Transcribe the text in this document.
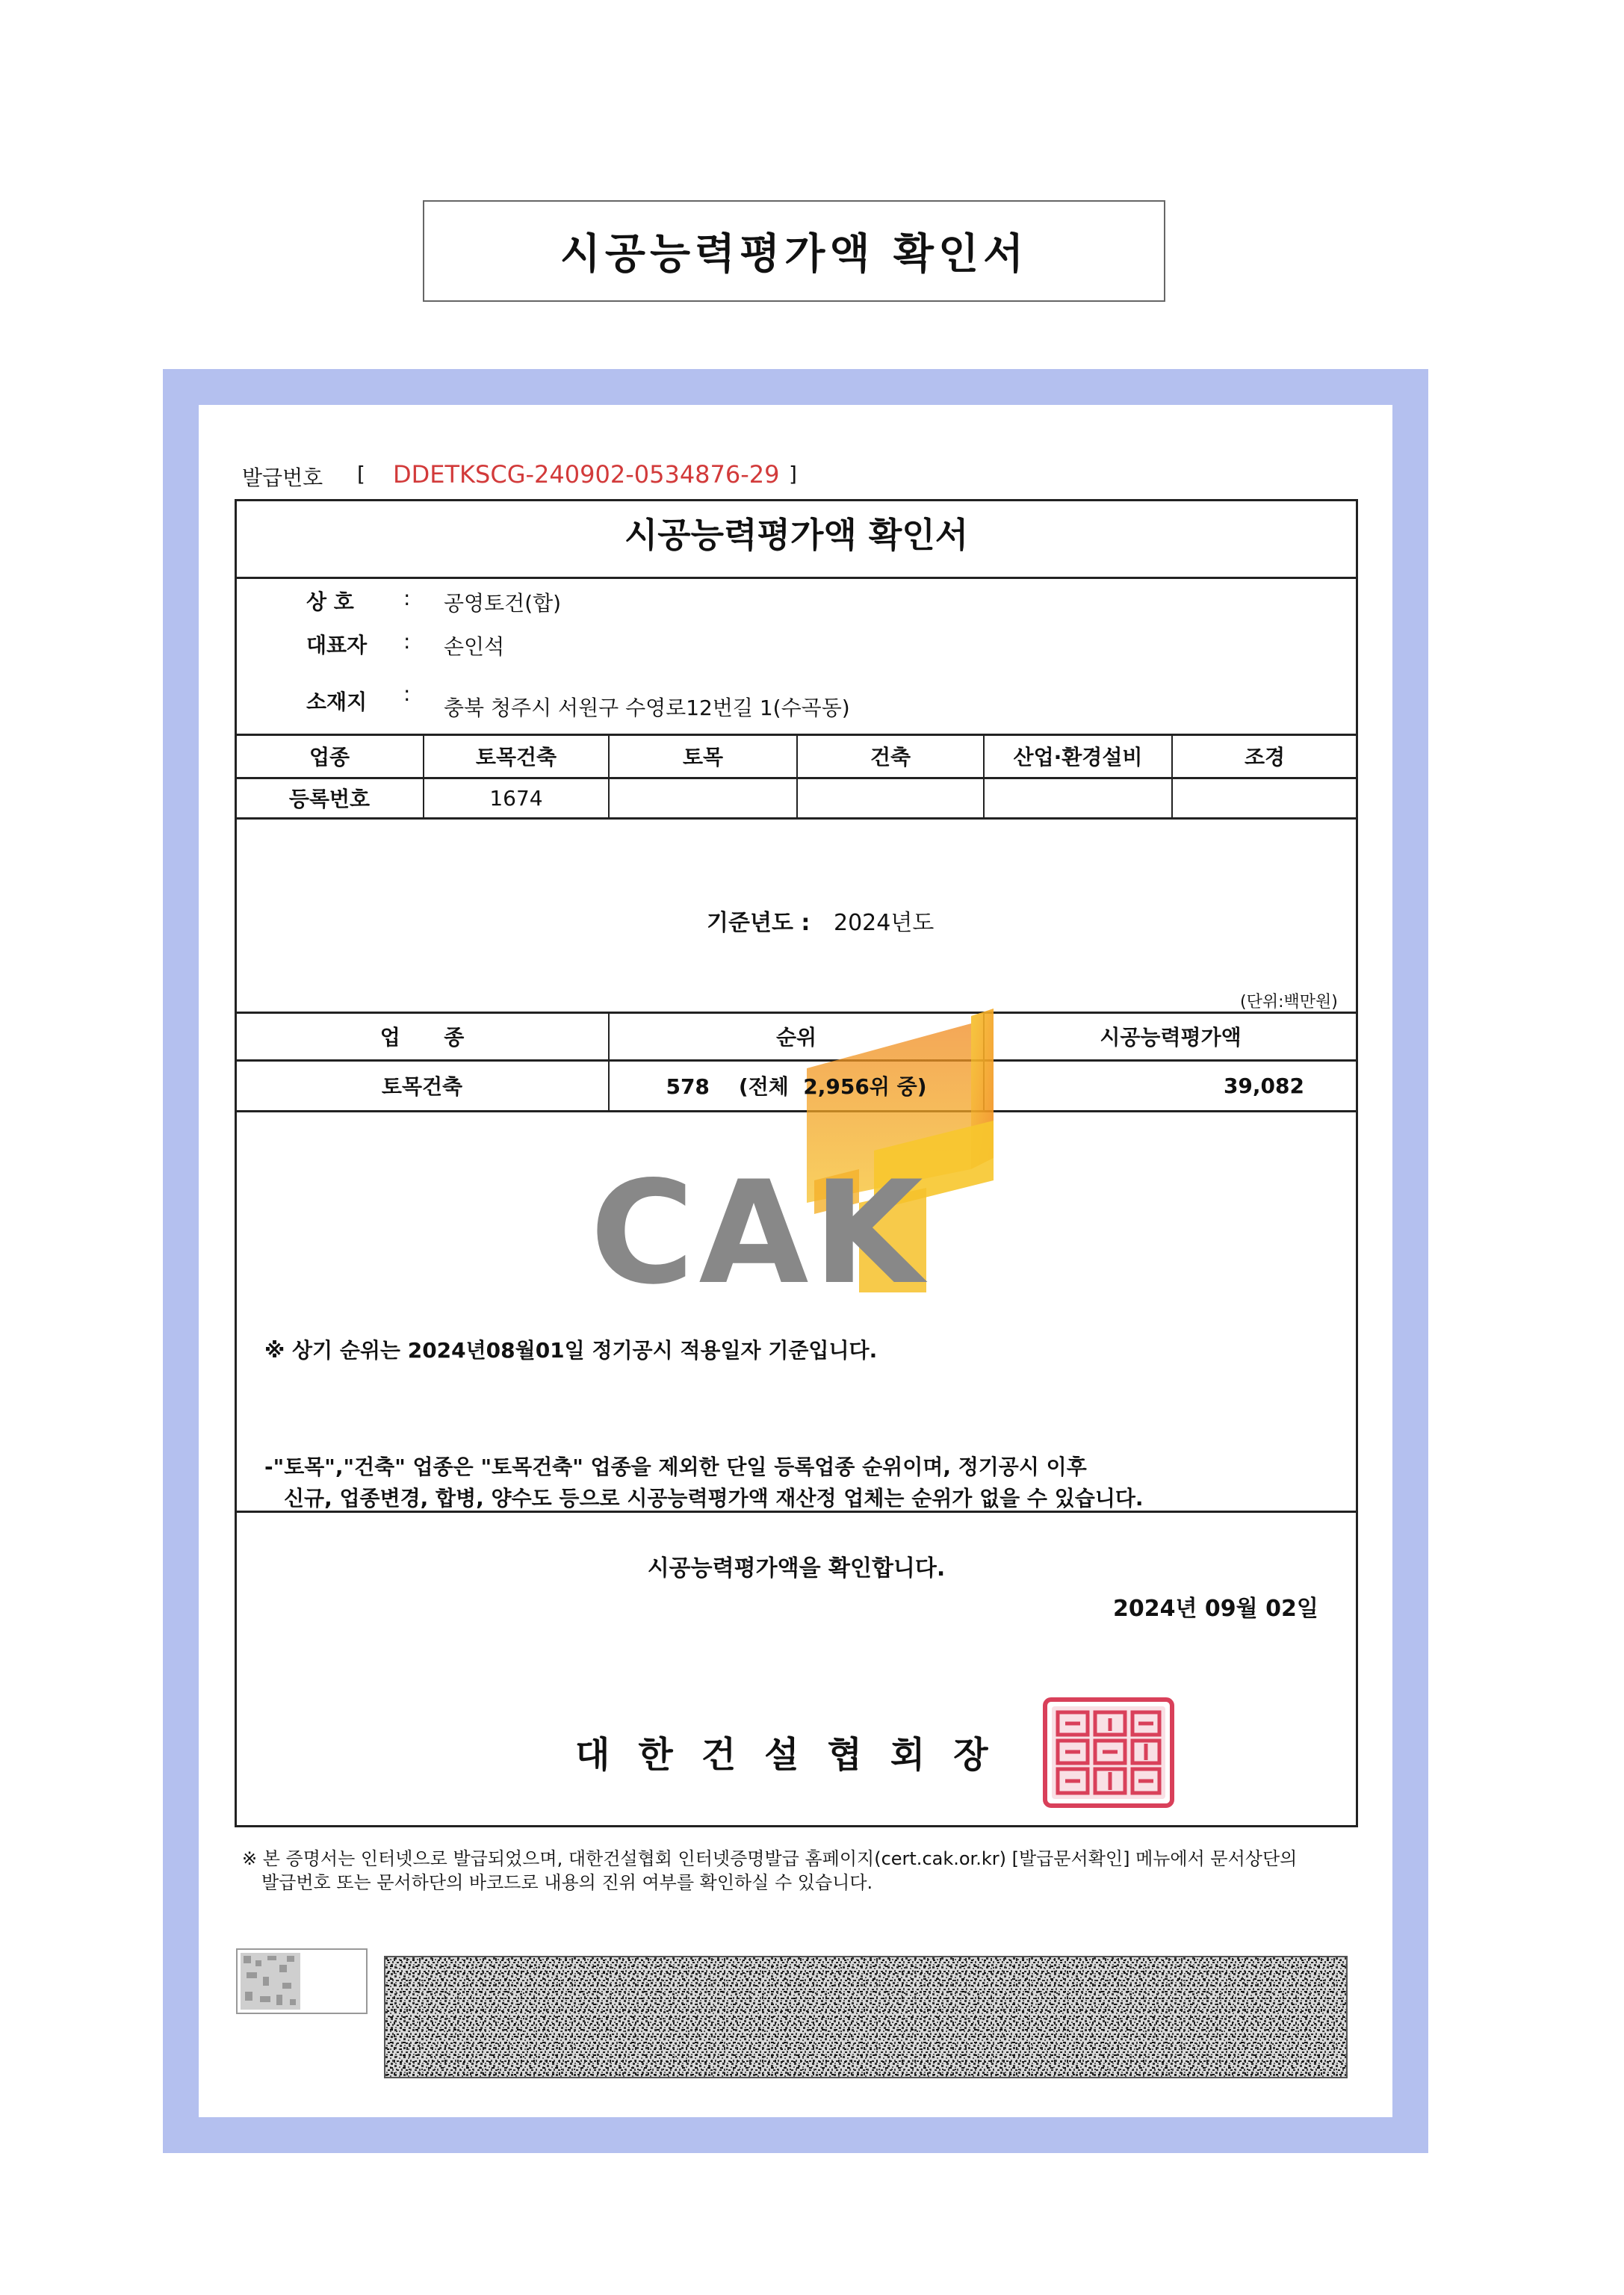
시공능력평가액 확인서
발급번호 [ DDETKSCG-240902-0534876-29 ]
시공능력평가액 확인서
상 호 : 공영토건(합)
대표자 : 손인석
소재지 :
충북 청주시 서원구 수영로12번길 1(수곡동)
업종	토목건축	토목	건축	산업·환경설비	조경
등록번호	1674
기준년도 : 2024년도
(단위:백만원)
CAK
업      종	순위	시공능력평가액
토목건축	578    (전체  2,956위 중)	39,082
※ 상기 순위는 2024년08월01일 정기공시 적용일자 기준입니다.
-"토목","건축" 업종은 "토목건축" 업종을 제외한 단일 등록업종 순위이며, 정기공시 이후
신규, 업종변경, 합병, 양수도 등으로 시공능력평가액 재산정 업체는 순위가 없을 수 있습니다.
시공능력평가액을 확인합니다.
2024년 09월 02일
대한건설협회장
※ 본 증명서는 인터넷으로 발급되었으며, 대한건설협회 인터넷증명발급 홈페이지(cert.cak.or.kr) [발급문서확인] 메뉴에서 문서상단의
발급번호 또는 문서하단의 바코드로 내용의 진위 여부를 확인하실 수 있습니다.
